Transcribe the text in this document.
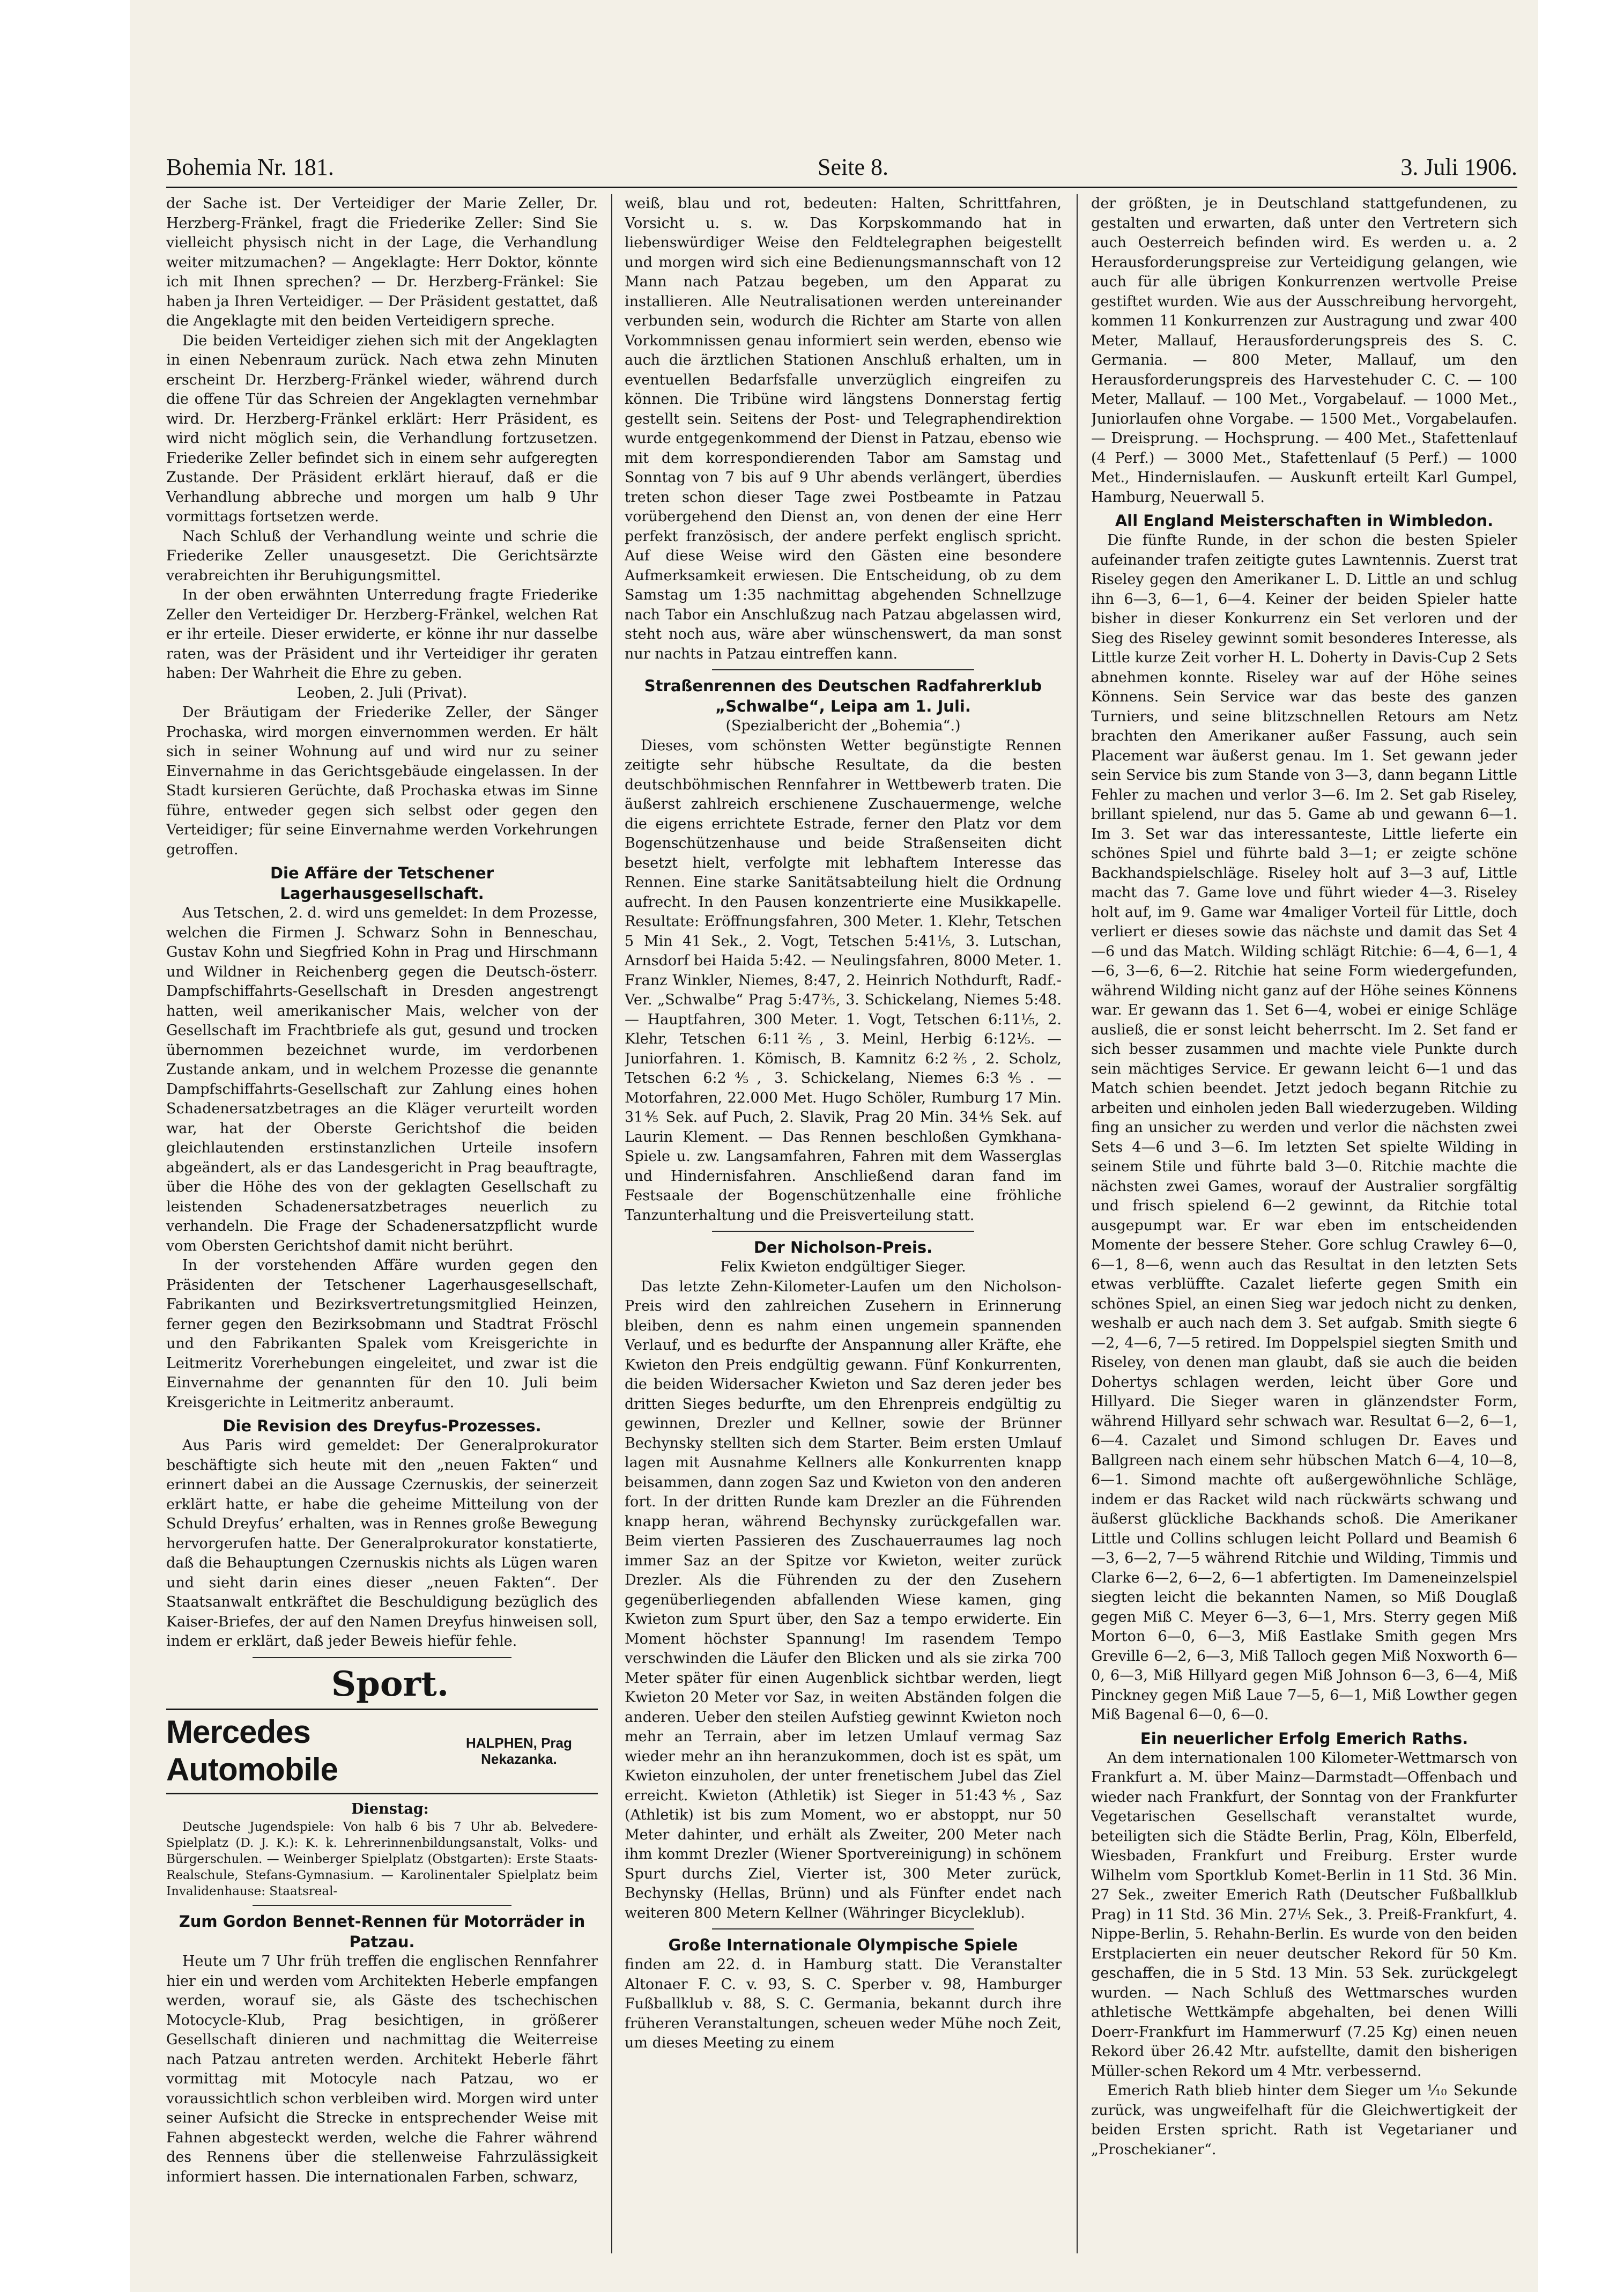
Bohemia Nr. 181.	Seite 8.	3. Juli 1906.

der Sache ist. Der Verteidiger der Marie Zeller, Dr. Herzberg-Fränkel, fragt die Friederike Zeller: Sind Sie vielleicht physisch nicht in der Lage, die Verhandlung weiter mitzumachen? — Angeklagte: Herr Doktor, könnte ich mit Ihnen sprechen? — Dr. Herzberg-Fränkel: Sie haben ja Ihren Verteidiger. — Der Präsident gestattet, daß die Angeklagte mit den beiden Verteidigern spreche.

Die beiden Verteidiger ziehen sich mit der Angeklagten in einen Nebenraum zurück. Nach etwa zehn Minuten erscheint Dr. Herzberg-Fränkel wieder, während durch die offene Tür das Schreien der Angeklagten vernehmbar wird. Dr. Herzberg-Fränkel erklärt: Herr Präsident, es wird nicht möglich sein, die Verhandlung fortzusetzen. Friederike Zeller befindet sich in einem sehr aufgeregten Zustande. Der Präsident erklärt hierauf, daß er die Verhandlung abbreche und morgen um halb 9 Uhr vormittags fortsetzen werde.

Nach Schluß der Verhandlung weinte und schrie die Friederike Zeller unausgesetzt. Die Gerichtsärzte verabreichten ihr Beruhigungsmittel.

In der oben erwähnten Unterredung fragte Friederike Zeller den Verteidiger Dr. Herzberg-Fränkel, welchen Rat er ihr erteile. Dieser erwiderte, er könne ihr nur dasselbe raten, was der Präsident und ihr Verteidiger ihr geraten haben: Der Wahrheit die Ehre zu geben.

Leoben, 2. Juli (Privat).

Der Bräutigam der Friederike Zeller, der Sänger Prochaska, wird morgen einvernommen werden. Er hält sich in seiner Wohnung auf und wird nur zu seiner Einvernahme in das Gerichtsgebäude eingelassen. In der Stadt kursieren Gerüchte, daß Prochaska etwas im Sinne führe, entweder gegen sich selbst oder gegen den Verteidiger; für seine Einvernahme werden Vorkehrungen getroffen.

Die Affäre der Tetschener Lagerhausgesellschaft.

Aus Tetschen, 2. d. wird uns gemeldet: In dem Prozesse, welchen die Firmen J. Schwarz Sohn in Benneschau, Gustav Kohn und Siegfried Kohn in Prag und Hirschmann und Wildner in Reichenberg gegen die Deutsch-österr. Dampfschiffahrts-Gesellschaft in Dresden angestrengt hatten, weil amerikanischer Mais, welcher von der Gesellschaft im Frachtbriefe als gut, gesund und trocken übernommen bezeichnet wurde, im verdorbenen Zustande ankam, und in welchem Prozesse die genannte Dampfschiffahrts-Gesellschaft zur Zahlung eines hohen Schadenersatzbetrages an die Kläger verurteilt worden war, hat der Oberste Gerichtshof die beiden gleichlautenden erstinstanzlichen Urteile insofern abgeändert, als er das Landesgericht in Prag beauftragte, über die Höhe des von der geklagten Gesellschaft zu leistenden Schadenersatzbetrages neuerlich zu verhandeln. Die Frage der Schadenersatzpflicht wurde vom Obersten Gerichtshof damit nicht berührt.

In der vorstehenden Affäre wurden gegen den Präsidenten der Tetschener Lagerhausgesellschaft, Fabrikanten und Bezirksvertretungsmitglied Heinzen, ferner gegen den Bezirksobmann und Stadtrat Fröschl und den Fabrikanten Spalek vom Kreisgerichte in Leitmeritz Vorerhebungen eingeleitet, und zwar ist die Einvernahme der genannten für den 10. Juli beim Kreisgerichte in Leitmeritz anberaumt.

Die Revision des Dreyfus-Prozesses.

Aus Paris wird gemeldet: Der Generalprokurator beschäftigte sich heute mit den „neuen Fakten“ und erinnert dabei an die Aussage Czernuskis, der seinerzeit erklärt hatte, er habe die geheime Mitteilung von der Schuld Dreyfus’ erhalten, was in Rennes große Bewegung hervorgerufen hatte. Der Generalprokurator konstatierte, daß die Behauptungen Czernuskis nichts als Lügen waren und sieht darin eines dieser „neuen Fakten“. Der Staatsanwalt entkräftet die Beschuldigung bezüglich des Kaiser-Briefes, der auf den Namen Dreyfus hinweisen soll, indem er erklärt, daß jeder Beweis hiefür fehle.

Sport.

Mercedes Automobile
HALPHEN, Prag Nekazanka.

Dienstag:

Deutsche Jugendspiele: Von halb 6 bis 7 Uhr ab. Belvedere-Spielplatz (D. J. K.): K. k. Lehrerinnenbildungsanstalt, Volks- und Bürgerschulen. — Weinberger Spielplatz (Obstgarten): Erste Staats-Realschule, Stefans-Gymnasium. — Karolinentaler Spielplatz beim Invalidenhause: Staatsreal-

Zum Gordon Bennet-Rennen für Motorräder in Patzau.

Heute um 7 Uhr früh treffen die englischen Rennfahrer hier ein und werden vom Architekten Heberle empfangen werden, worauf sie, als Gäste des tschechischen Motocycle-Klub, Prag besichtigen, in größerer Gesellschaft dinieren und nachmittag die Weiterreise nach Patzau antreten werden. Architekt Heberle fährt vormittag mit Motocyle nach Patzau, wo er voraussichtlich schon verbleiben wird. Morgen wird unter seiner Aufsicht die Strecke in entsprechender Weise mit Fahnen abgesteckt werden, welche die Fahrer während des Rennens über die stellenweise Fahrzulässigkeit informiert hassen. Die internationalen Farben, schwarz,

weiß, blau und rot, bedeuten: Halten, Schrittfahren, Vorsicht u. s. w. Das Korpskommando hat in liebenswürdiger Weise den Feldtelegraphen beigestellt und morgen wird sich eine Bedienungsmannschaft von 12 Mann nach Patzau begeben, um den Apparat zu installieren. Alle Neutralisationen werden untereinander verbunden sein, wodurch die Richter am Starte von allen Vorkommnissen genau informiert sein werden, ebenso wie auch die ärztlichen Stationen Anschluß erhalten, um in eventuellen Bedarfsfalle unverzüglich eingreifen zu können. Die Tribüne wird längstens Donnerstag fertig gestellt sein. Seitens der Post- und Telegraphendirektion wurde entgegenkommend der Dienst in Patzau, ebenso wie mit dem korrespondierenden Tabor am Samstag und Sonntag von 7 bis auf 9 Uhr abends verlängert, überdies treten schon dieser Tage zwei Postbeamte in Patzau vorübergehend den Dienst an, von denen der eine Herr perfekt französisch, der andere perfekt englisch spricht. Auf diese Weise wird den Gästen eine besondere Aufmerksamkeit erwiesen. Die Entscheidung, ob zu dem Samstag um 1:35 nachmittag abgehenden Schnellzuge nach Tabor ein Anschlußzug nach Patzau abgelassen wird, steht noch aus, wäre aber wünschenswert, da man sonst nur nachts in Patzau eintreffen kann.

Straßenrennen des Deutschen Radfahrerklub „Schwalbe“, Leipa am 1. Juli.

(Spezialbericht der „Bohemia“.)

Dieses, vom schönsten Wetter begünstigte Rennen zeitigte sehr hübsche Resultate, da die besten deutschböhmischen Rennfahrer in Wettbewerb traten. Die äußerst zahlreich erschienene Zuschauermenge, welche die eigens errichtete Estrade, ferner den Platz vor dem Bogenschützenhause und beide Straßenseiten dicht besetzt hielt, verfolgte mit lebhaftem Interesse das Rennen. Eine starke Sanitätsabteilung hielt die Ordnung aufrecht. In den Pausen konzentrierte eine Musikkapelle. Resultate: Eröffnungsfahren, 300 Meter. 1. Klehr, Tetschen 5 Min 41 Sek., 2. Vogt, Tetschen 5:41⅕, 3. Lutschan, Arnsdorf bei Haida 5:42. — Neulingsfahren, 8000 Meter. 1. Franz Winkler, Niemes, 8:47, 2. Heinrich Nothdurft, Radf.-Ver. „Schwalbe“ Prag 5:47⅗, 3. Schickelang, Niemes 5:48. — Hauptfahren, 300 Meter. 1. Vogt, Tetschen 6:11⅕, 2. Klehr, Tetschen 6:11⅖, 3. Meinl, Herbig 6:12⅕. — Juniorfahren. 1. Kömisch, B. Kamnitz 6:2⅖, 2. Scholz, Tetschen 6:2⅘, 3. Schickelang, Niemes 6:3⅘. — Motorfahren, 22.000 Met. Hugo Schöler, Rumburg 17 Min. 31⅘ Sek. auf Puch, 2. Slavik, Prag 20 Min. 34⅘ Sek. auf Laurin Klement. — Das Rennen beschloßen Gymkhana-Spiele u. zw. Langsamfahren, Fahren mit dem Wasserglas und Hindernisfahren. Anschließend daran fand im Festsaale der Bogenschützenhalle eine fröhliche Tanzunterhaltung und die Preisverteilung statt.

Der Nicholson-Preis.

Felix Kwieton endgültiger Sieger.

Das letzte Zehn-Kilometer-Laufen um den Nicholson-Preis wird den zahlreichen Zusehern in Erinnerung bleiben, denn es nahm einen ungemein spannenden Verlauf, und es bedurfte der Anspannung aller Kräfte, ehe Kwieton den Preis endgültig gewann. Fünf Konkurrenten, die beiden Widersacher Kwieton und Saz deren jeder bes dritten Sieges bedurfte, um den Ehrenpreis endgültig zu gewinnen, Drezler und Kellner, sowie der Brünner Bechynsky stellten sich dem Starter. Beim ersten Umlauf lagen mit Ausnahme Kellners alle Konkurrenten knapp beisammen, dann zogen Saz und Kwieton von den anderen fort. In der dritten Runde kam Drezler an die Führenden knapp heran, während Bechynsky zurückgefallen war. Beim vierten Passieren des Zuschauerraumes lag noch immer Saz an der Spitze vor Kwieton, weiter zurück Drezler. Als die Führenden zu der den Zusehern gegenüberliegenden abfallenden Wiese kamen, ging Kwieton zum Spurt über, den Saz a tempo erwiderte. Ein Moment höchster Spannung! Im rasendem Tempo verschwinden die Läufer den Blicken und als sie zirka 700 Meter später für einen Augenblick sichtbar werden, liegt Kwieton 20 Meter vor Saz, in weiten Abständen folgen die anderen. Ueber den steilen Aufstieg gewinnt Kwieton noch mehr an Terrain, aber im letzen Umlauf vermag Saz wieder mehr an ihn heranzukommen, doch ist es spät, um Kwieton einzuholen, der unter frenetischem Jubel das Ziel erreicht. Kwieton (Athletik) ist Sieger in 51:43⅘, Saz (Athletik) ist bis zum Moment, wo er abstoppt, nur 50 Meter dahinter, und erhält als Zweiter, 200 Meter nach ihm kommt Drezler (Wiener Sportvereinigung) in schönem Spurt durchs Ziel, Vierter ist, 300 Meter zurück, Bechynsky (Hellas, Brünn) und als Fünfter endet nach weiteren 800 Metern Kellner (Währinger Bicycleklub).

Große Internationale Olympische Spiele

finden am 22. d. in Hamburg statt. Die Veranstalter Altonaer F. C. v. 93, S. C. Sperber v. 98, Hamburger Fußballklub v. 88, S. C. Germania, bekannt durch ihre früheren Veranstaltungen, scheuen weder Mühe noch Zeit, um dieses Meeting zu einem

der größten, je in Deutschland stattgefundenen, zu gestalten und erwarten, daß unter den Vertretern sich auch Oesterreich befinden wird. Es werden u. a. 2 Herausforderungspreise zur Verteidigung gelangen, wie auch für alle übrigen Konkurrenzen wertvolle Preise gestiftet wurden. Wie aus der Ausschreibung hervorgeht, kommen 11 Konkurrenzen zur Austragung und zwar 400 Meter, Mallauf, Herausforderungspreis des S. C. Germania. — 800 Meter, Mallauf, um den Herausforderungspreis des Harvestehuder C. C. — 100 Meter, Mallauf. — 100 Met., Vorgabelauf. — 1000 Met., Juniorlaufen ohne Vorgabe. — 1500 Met., Vorgabelaufen. — Dreisprung. — Hochsprung. — 400 Met., Stafettenlauf (4 Perf.) — 3000 Met., Stafettenlauf (5 Perf.) — 1000 Met., Hindernislaufen. — Auskunft erteilt Karl Gumpel, Hamburg, Neuerwall 5.

All England Meisterschaften in Wimbledon.

Die fünfte Runde, in der schon die besten Spieler aufeinander trafen zeitigte gutes Lawntennis. Zuerst trat Riseley gegen den Amerikaner L. D. Little an und schlug ihn 6—3, 6—1, 6—4. Keiner der beiden Spieler hatte bisher in dieser Konkurrenz ein Set verloren und der Sieg des Riseley gewinnt somit besonderes Interesse, als Little kurze Zeit vorher H. L. Doherty in Davis-Cup 2 Sets abnehmen konnte. Riseley war auf der Höhe seines Könnens. Sein Service war das beste des ganzen Turniers, und seine blitzschnellen Retours am Netz brachten den Amerikaner außer Fassung, auch sein Placement war äußerst genau. Im 1. Set gewann jeder sein Service bis zum Stande von 3—3, dann begann Little Fehler zu machen und verlor 3—6. Im 2. Set gab Riseley, brillant spielend, nur das 5. Game ab und gewann 6—1. Im 3. Set war das interessanteste, Little lieferte ein schönes Spiel und führte bald 3—1; er zeigte schöne Backhandspielschläge. Riseley holt auf 3—3 auf, Little macht das 7. Game love und führt wieder 4—3. Riseley holt auf, im 9. Game war 4maliger Vorteil für Little, doch verliert er dieses sowie das nächste und damit das Set 4—6 und das Match. Wilding schlägt Ritchie: 6—4, 6—1, 4—6, 3—6, 6—2. Ritchie hat seine Form wiedergefunden, während Wilding nicht ganz auf der Höhe seines Könnens war. Er gewann das 1. Set 6—4, wobei er einige Schläge ausließ, die er sonst leicht beherrscht. Im 2. Set fand er sich besser zusammen und machte viele Punkte durch sein mächtiges Service. Er gewann leicht 6—1 und das Match schien beendet. Jetzt jedoch begann Ritchie zu arbeiten und einholen jeden Ball wiederzugeben. Wilding fing an unsicher zu werden und verlor die nächsten zwei Sets 4—6 und 3—6. Im letzten Set spielte Wilding in seinem Stile und führte bald 3—0. Ritchie machte die nächsten zwei Games, worauf der Australier sorgfältig und frisch spielend 6—2 gewinnt, da Ritchie total ausgepumpt war. Er war eben im entscheidenden Momente der bessere Steher. Gore schlug Crawley 6—0, 6—1, 8—6, wenn auch das Resultat in den letzten Sets etwas verblüffte. Cazalet lieferte gegen Smith ein schönes Spiel, an einen Sieg war jedoch nicht zu denken, weshalb er auch nach dem 3. Set aufgab. Smith siegte 6—2, 4—6, 7—5 retired. Im Doppelspiel siegten Smith und Riseley, von denen man glaubt, daß sie auch die beiden Dohertys schlagen werden, leicht über Gore und Hillyard. Die Sieger waren in glänzendster Form, während Hillyard sehr schwach war. Resultat 6—2, 6—1, 6—4. Cazalet und Simond schlugen Dr. Eaves und Ballgreen nach einem sehr hübschen Match 6—4, 10—8, 6—1. Simond machte oft außergewöhnliche Schläge, indem er das Racket wild nach rückwärts schwang und äußerst glückliche Backhands schoß. Die Amerikaner Little und Collins schlugen leicht Pollard und Beamish 6—3, 6—2, 7—5 während Ritchie und Wilding, Timmis und Clarke 6—2, 6—2, 6—1 abfertigten. Im Dameneinzelspiel siegten leicht die bekannten Namen, so Miß Douglaß gegen Miß C. Meyer 6—3, 6—1, Mrs. Sterry gegen Miß Morton 6—0, 6—3, Miß Eastlake Smith gegen Mrs Greville 6—2, 6—3, Miß Talloch gegen Miß Noxworth 6—0, 6—3, Miß Hillyard gegen Miß Johnson 6—3, 6—4, Miß Pinckney gegen Miß Laue 7—5, 6—1, Miß Lowther gegen Miß Bagenal 6—0, 6—0.

Ein neuerlicher Erfolg Emerich Raths.

An dem internationalen 100 Kilometer-Wettmarsch von Frankfurt a. M. über Mainz—Darmstadt—Offenbach und wieder nach Frankfurt, der Sonntag von der Frankfurter Vegetarischen Gesellschaft veranstaltet wurde, beteiligten sich die Städte Berlin, Prag, Köln, Elberfeld, Wiesbaden, Frankfurt und Freiburg. Erster wurde Wilhelm vom Sportklub Komet-Berlin in 11 Std. 36 Min. 27 Sek., zweiter Emerich Rath (Deutscher Fußballklub Prag) in 11 Std. 36 Min. 27⅕ Sek., 3. Preiß-Frankfurt, 4. Nippe-Berlin, 5. Rehahn-Berlin. Es wurde von den beiden Erstplacierten ein neuer deutscher Rekord für 50 Km. geschaffen, die in 5 Std. 13 Min. 53 Sek. zurückgelegt wurden. — Nach Schluß des Wettmarsches wurden athletische Wettkämpfe abgehalten, bei denen Willi Doerr-Frankfurt im Hammerwurf (7.25 Kg) einen neuen Rekord über 26.42 Mtr. aufstellte, damit den bisherigen Müller-schen Rekord um 4 Mtr. verbessernd.

Emerich Rath blieb hinter dem Sieger um ⅒ Sekunde zurück, was ungweifelhaft für die Gleichwertigkeit der beiden Ersten spricht. Rath ist Vegetarianer und „Proschekianer“.
